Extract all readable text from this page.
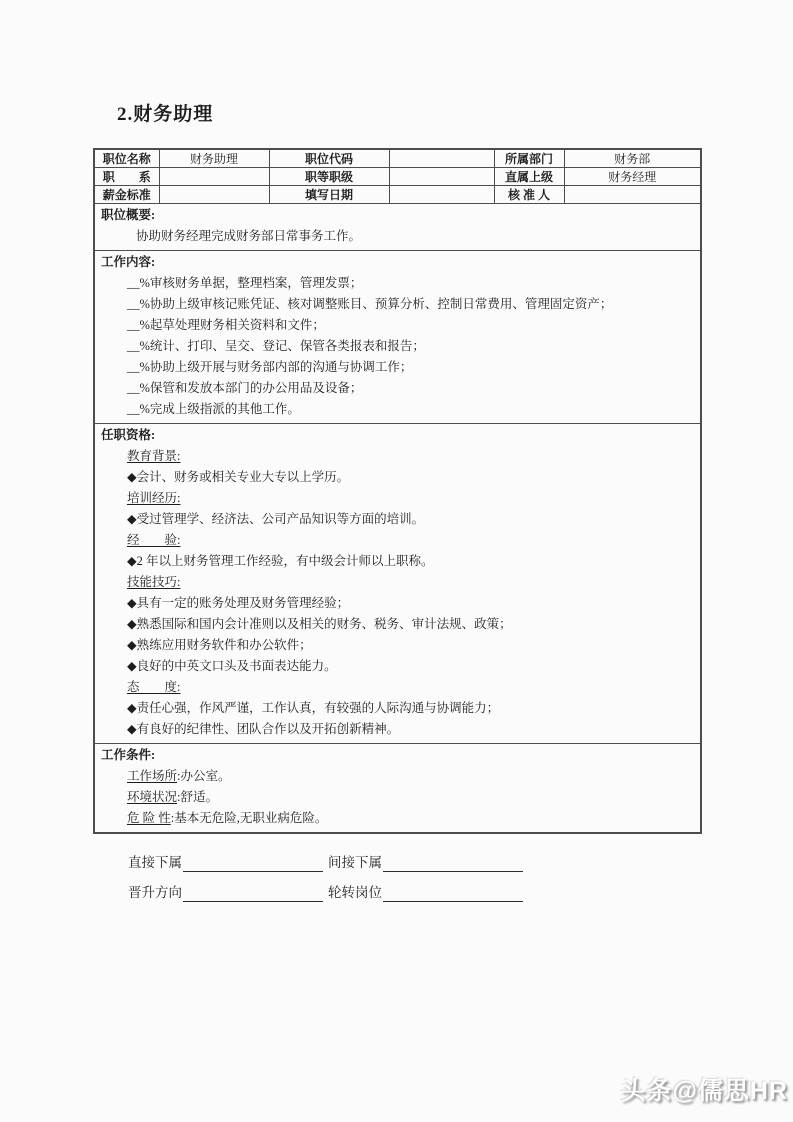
2.财务助理
职位名称	财务助理	职位代码		所属部门	财务部
职　　系		职等职级		直属上级	财务经理
薪金标准		填写日期		核 准 人	

职位概要:
协助财务经理完成财务部日常事务工作。					

工作内容:
__%审核财务单据，整理档案，管理发票；
__%协助上级审核记账凭证、核对调整账目、预算分析、控制日常费用、管理固定资产；
__%起草处理财务相关资料和文件；
__%统计、打印、呈交、登记、保管各类报表和报告；
__%协助上级开展与财务部内部的沟通与协调工作；
__%保管和发放本部门的办公用品及设备；
__%完成上级指派的其他工作。

任职资格:
教育背景:
◆会计、财务或相关专业大专以上学历。
培训经历:
◆受过管理学、经济法、公司产品知识等方面的培训。
经　　验:
◆2 年以上财务管理工作经验，有中级会计师以上职称。
技能技巧:
◆具有一定的账务处理及财务管理经验；
◆熟悉国际和国内会计准则以及相关的财务、税务、审计法规、政策；
◆熟练应用财务软件和办公软件；
◆良好的中英文口头及书面表达能力。
态　　度:
◆责任心强，作风严谨，工作认真，有较强的人际沟通与协调能力；
◆有良好的纪律性、团队合作以及开拓创新精神。

工作条件:
工作场所:办公室。
环境状况:舒适。
危 险 性:基本无危险,无职业病危险。					
直接下属	间接下属
晋升方向	轮转岗位
头条@儒思HR
